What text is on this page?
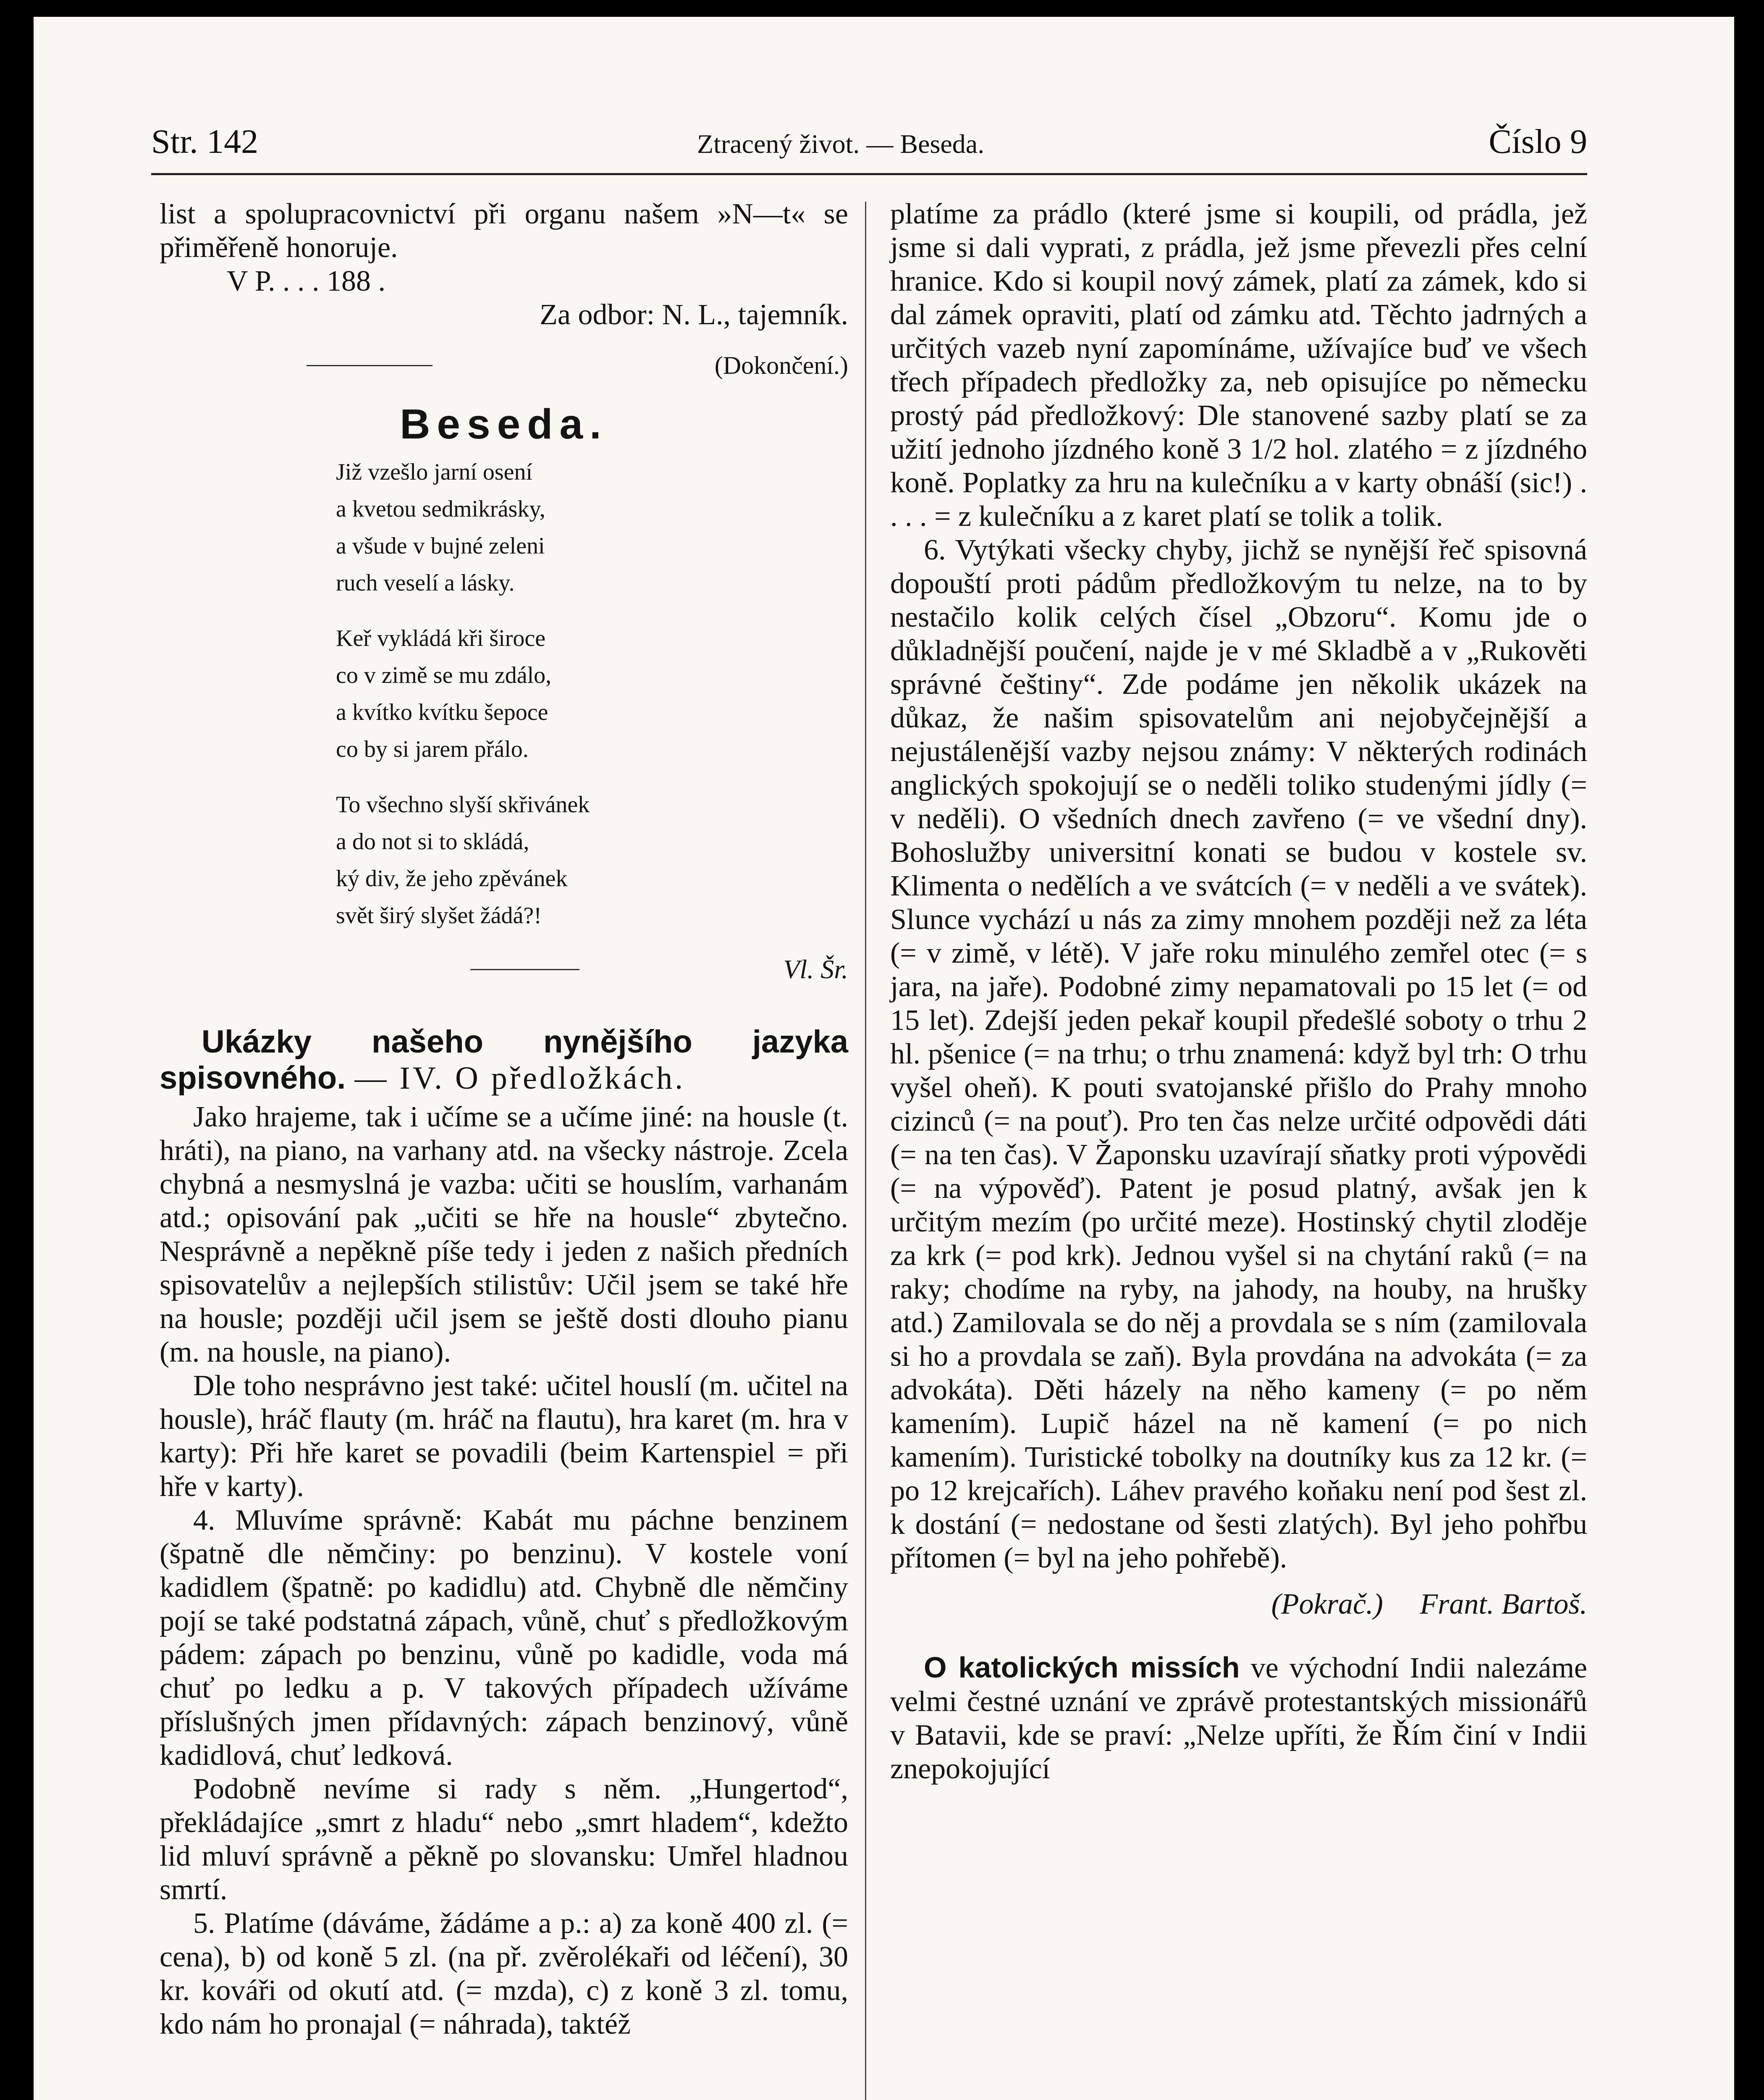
Str. 142	Ztracený život. — Beseda.	Číslo 9

list a spolupracovnictví při organu našem »N—t« se přiměřeně honoruje.

V P. . . . 188 .

Za odbor: N. L., tajemník.

(Dokončení.)
Beseda.
Již vzešlo jarní osení
a kvetou sedmikrásky,
a všude v bujné zeleni
ruch veselí a lásky.
Keř vykládá kři široce
co v zimě se mu zdálo,
a kvítko kvítku šepoce
co by si jarem přálo.
To všechno slyší skřivánek
a do not si to skládá,
ký div, že jeho zpěvánek
svět širý slyšet žádá?!
Vl. Šr.
Ukázky našeho nynějšího jazyka spisovného. — IV. O předložkách.

Jako hrajeme, tak i učíme se a učíme jiné: na housle (t. hráti), na piano, na varhany atd. na všecky nástroje. Zcela chybná a nesmyslná je vazba: učiti se houslím, varhanám atd.; opisování pak „učiti se hře na housle“ zbytečno. Nesprávně a nepěkně píše tedy i jeden z našich předních spisovatelův a nejlepších stilistův: Učil jsem se také hře na housle; později učil jsem se ještě dosti dlouho pianu (m. na housle, na piano).

Dle toho nesprávno jest také: učitel houslí (m. učitel na housle), hráč flauty (m. hráč na flautu), hra karet (m. hra v karty): Při hře karet se povadili (beim Kartenspiel = při hře v karty).

4. Mluvíme správně: Kabát mu páchne benzinem (špatně dle němčiny: po benzinu). V kostele voní kadidlem (špatně: po kadidlu) atd. Chybně dle němčiny pojí se také podstatná zápach, vůně, chuť s předložkovým pádem: zápach po benzinu, vůně po kadidle, voda má chuť po ledku a p. V takových případech užíváme příslušných jmen přídavných: zápach benzinový, vůně kadidlová, chuť ledková.

Podobně nevíme si rady s něm. „Hungertod“, překládajíce „smrt z hladu“ nebo „smrt hladem“, kdežto lid mluví správně a pěkně po slovansku: Umřel hladnou smrtí.

5. Platíme (dáváme, žádáme a p.: a) za koně 400 zl. (= cena), b) od koně 5 zl. (na př. zvěrolékaři od léčení), 30 kr. kováři od okutí atd. (= mzda), c) z koně 3 zl. tomu, kdo nám ho pronajal (= náhrada), taktéž

platíme za prádlo (které jsme si koupili, od prádla, jež jsme si dali vyprati, z prádla, jež jsme převezli přes celní hranice. Kdo si koupil nový zámek, platí za zámek, kdo si dal zámek opraviti, platí od zámku atd. Těchto jadrných a určitých vazeb nyní zapomínáme, užívajíce buď ve všech třech případech předložky za, neb opisujíce po německu prostý pád předložkový: Dle stanovené sazby platí se za užití jednoho jízdného koně 3 1/2 hol. zlatého = z jízdného koně. Poplatky za hru na kulečníku a v karty obnáší (sic!) . . . . = z kulečníku a z karet platí se tolik a tolik.

6. Vytýkati všecky chyby, jichž se nynější řeč spisovná dopouští proti pádům předložkovým tu nelze, na to by nestačilo kolik celých čísel „Obzoru“. Komu jde o důkladnější poučení, najde je v mé Skladbě a v „Rukověti správné češtiny“. Zde podáme jen několik ukázek na důkaz, že našim spisovatelům ani nejobyčejnější a nejustálenější vazby nejsou známy: V některých rodinách anglických spokojují se o neděli toliko studenými jídly (= v neděli). O všedních dnech zavřeno (= ve všední dny). Bohoslužby universitní konati se budou v kostele sv. Klimenta o nedělích a ve svátcích (= v neděli a ve svátek). Slunce vychází u nás za zimy mnohem později než za léta (= v zimě, v létě). V jaře roku minulého zemřel otec (= s jara, na jaře). Podobné zimy nepamatovali po 15 let (= od 15 let). Zdejší jeden pekař koupil předešlé soboty o trhu 2 hl. pšenice (= na trhu; o trhu znamená: když byl trh: O trhu vyšel oheň). K pouti svatojanské přišlo do Prahy mnoho cizinců (= na pouť). Pro ten čas nelze určité odpovědi dáti (= na ten čas). V Žaponsku uzavírají sňatky proti výpovědi (= na výpověď). Patent je posud platný, avšak jen k určitým mezím (po určité meze). Hostinský chytil zloděje za krk (= pod krk). Jednou vyšel si na chytání raků (= na raky; chodíme na ryby, na jahody, na houby, na hrušky atd.) Zamilovala se do něj a provdala se s ním (zamilovala si ho a provdala se zaň). Byla provdána na advokáta (= za advokáta). Děti házely na něho kameny (= po něm kamením). Lupič házel na ně kamení (= po nich kamením). Turistické tobolky na doutníky kus za 12 kr. (= po 12 krejcařích). Láhev pravého koňaku není pod šest zl. k dostání (= nedostane od šesti zlatých). Byl jeho pohřbu přítomen (= byl na jeho pohřebě).

(Pokrač.) Frant. Bartoš.

O katolických missích ve východní Indii nalezáme velmi čestné uznání ve zprávě protestantských missionářů v Batavii, kde se praví: „Nelze upříti, že Řím činí v Indii znepokojující
